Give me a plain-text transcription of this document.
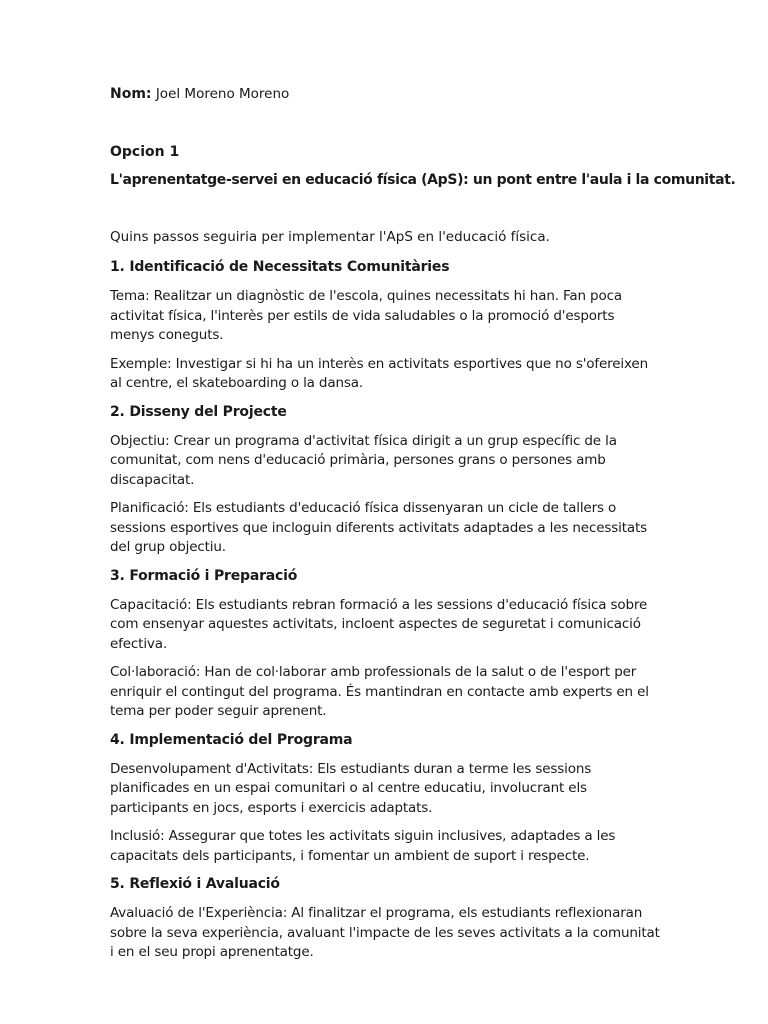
Nom: Joel Moreno Moreno
Opcion 1
L'aprenentatge-servei en educació física (ApS): un pont entre l'aula i la comunitat.
Quins passos seguiria per implementar l'ApS en l'educació física.
1. Identificació de Necessitats Comunitàries
Tema: Realitzar un diagnòstic de l'escola, quines necessitats hi han. Fan poca activitat física, l'interès per estils de vida saludables o la promoció d'esports menys coneguts.
Exemple: Investigar si hi ha un interès en activitats esportives que no s'ofereixen al centre, el skateboarding o la dansa.
2. Disseny del Projecte
Objectiu: Crear un programa d'activitat física dirigit a un grup específic de la comunitat, com nens d'educació primària, persones grans o persones amb discapacitat.
Planificació: Els estudiants d'educació física dissenyaran un cicle de tallers o sessions esportives que incloguin diferents activitats adaptades a les necessitats del grup objectiu.
3. Formació i Preparació
Capacitació: Els estudiants rebran formació a les sessions d'educació física sobre com ensenyar aquestes activitats, incloent aspectes de seguretat i comunicació efectiva.
Col·laboració: Han de col·laborar amb professionals de la salut o de l'esport per enriquir el contingut del programa. És mantindran en contacte amb experts en el tema per poder seguir aprenent.
4. Implementació del Programa
Desenvolupament d'Activitats: Els estudiants duran a terme les sessions planificades en un espai comunitari o al centre educatiu, involucrant els participants en jocs, esports i exercicis adaptats.
Inclusió: Assegurar que totes les activitats siguin inclusives, adaptades a les capacitats dels participants, i fomentar un ambient de suport i respecte.
5. Reflexió i Avaluació
Avaluació de l'Experiència: Al finalitzar el programa, els estudiants reflexionaran sobre la seva experiència, avaluant l'impacte de les seves activitats a la comunitat i en el seu propi aprenentatge.
